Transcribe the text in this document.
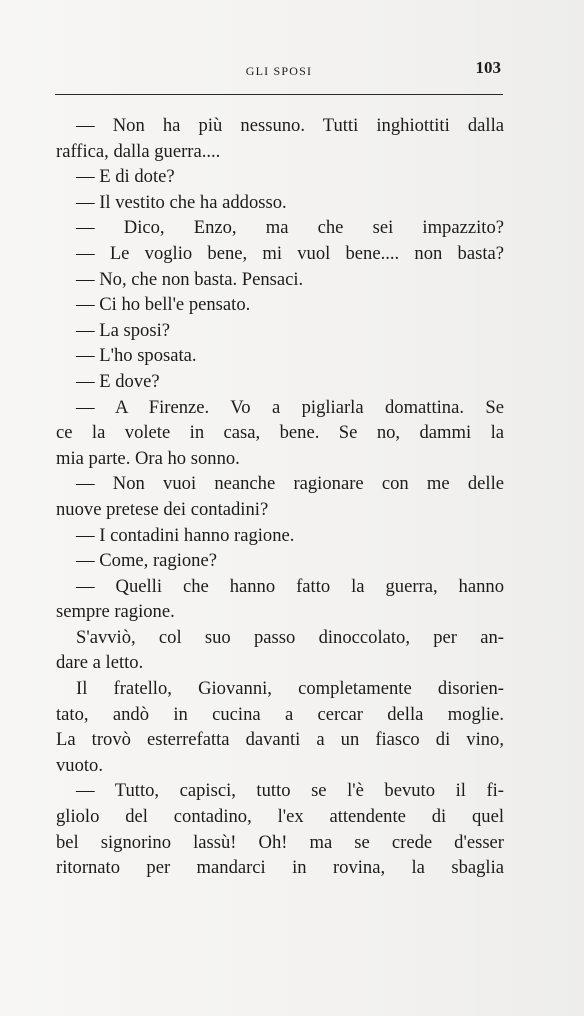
GLI SPOSI	103
— Non ha più nessuno. Tutti inghiottiti dalla
raffica, dalla guerra....
— E di dote?
— Il vestito che ha addosso.
— Dico, Enzo, ma che sei impazzito?
— Le voglio bene, mi vuol bene.... non basta?
— No, che non basta. Pensaci.
— Ci ho bell'e pensato.
— La sposi?
— L'ho sposata.
— E dove?
— A Firenze. Vo a pigliarla domattina. Se
ce la volete in casa, bene. Se no, dammi la
mia parte. Ora ho sonno.
— Non vuoi neanche ragionare con me delle
nuove pretese dei contadini?
— I contadini hanno ragione.
— Come, ragione?
— Quelli che hanno fatto la guerra, hanno
sempre ragione.
S'avviò, col suo passo dinoccolato, per an-
dare a letto.
Il fratello, Giovanni, completamente disorien-
tato, andò in cucina a cercar della moglie.
La trovò esterrefatta davanti a un fiasco di vino,
vuoto.
— Tutto, capisci, tutto se l'è bevuto il fi-
gliolo del contadino, l'ex attendente di quel
bel signorino lassù! Oh! ma se crede d'esser
ritornato per mandarci in rovina, la sbaglia
